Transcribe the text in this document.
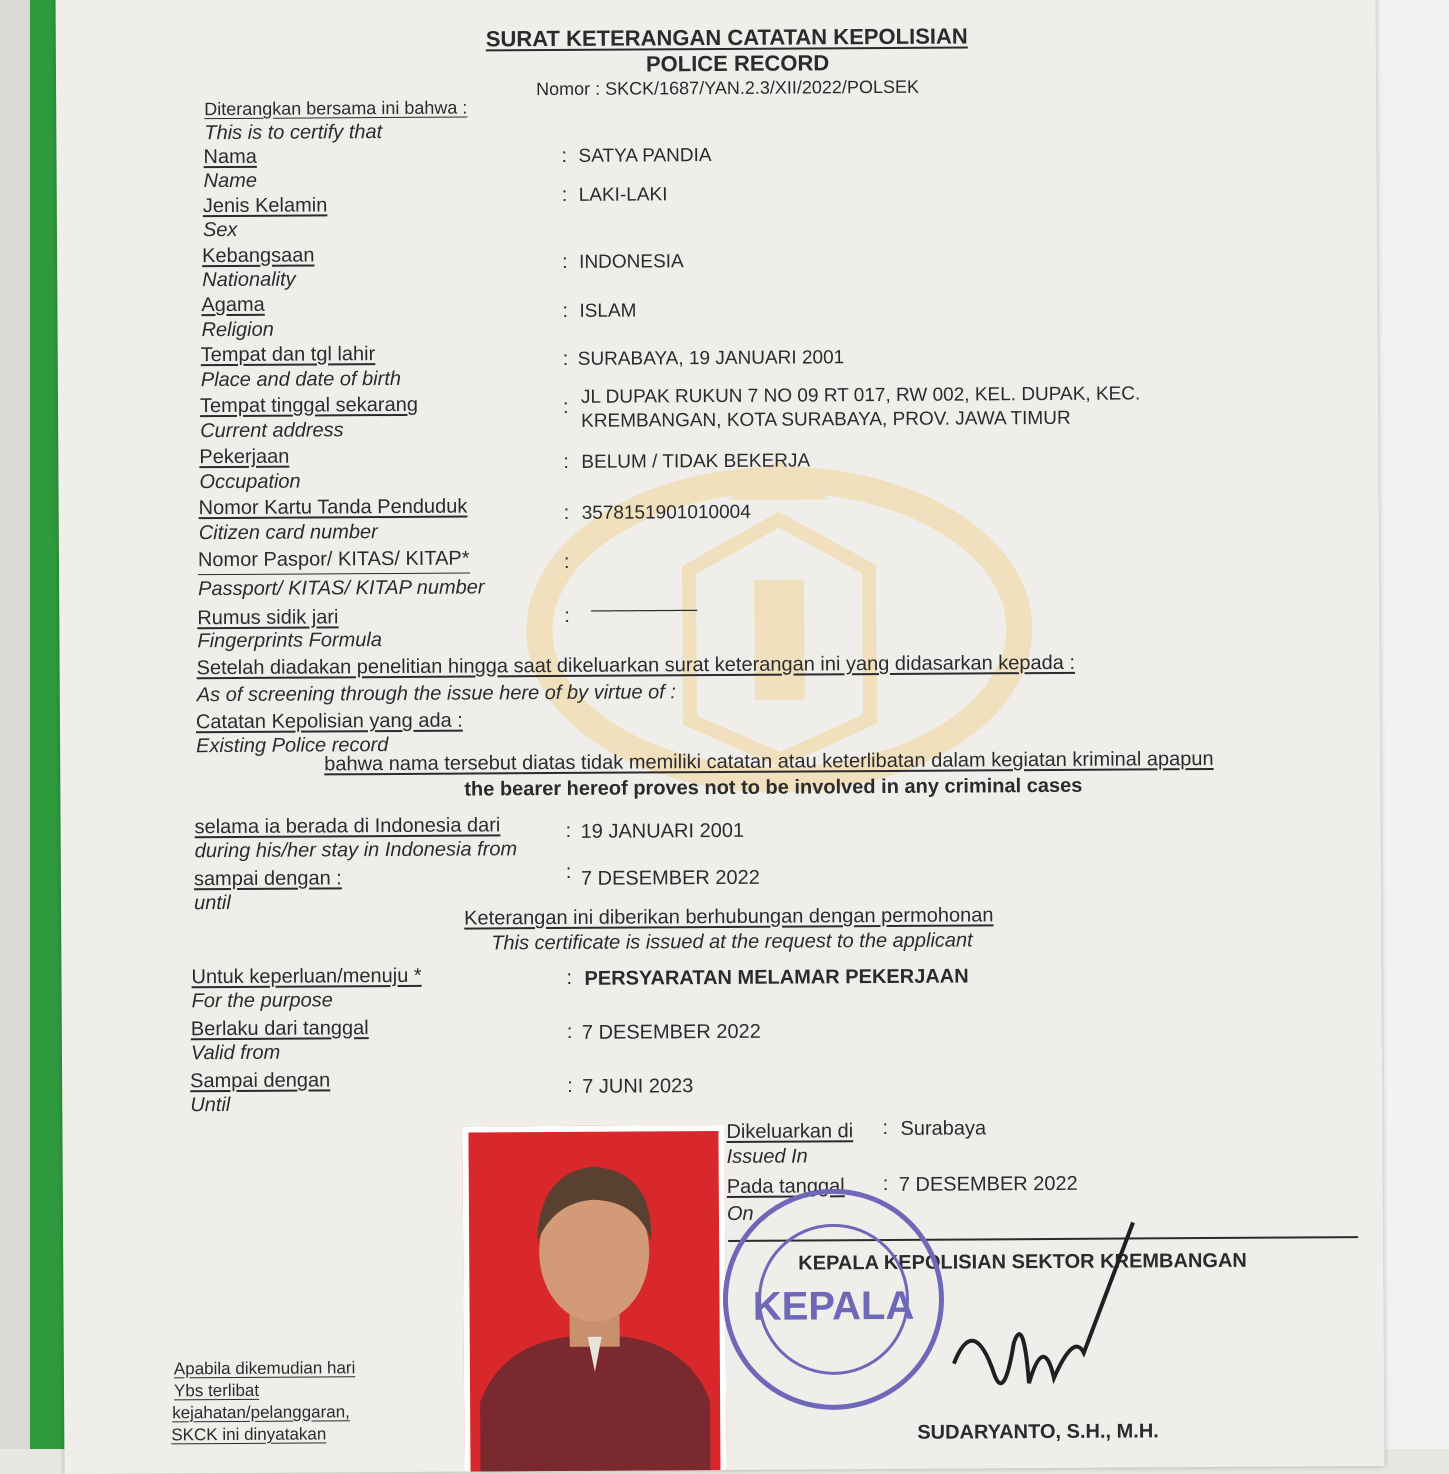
SURAT KETERANGAN CATATAN KEPOLISIAN
POLICE RECORD
Nomor : SKCK/1687/YAN.2.3/XII/2022/POLSEK
Diterangkan bersama ini bahwa :
This is to certify that
Nama
Name
: SATYA PANDIA
Jenis Kelamin
Sex
: LAKI-LAKI
Kebangsaan
Nationality
: INDONESIA
Agama
Religion
: ISLAM
Tempat dan tgl lahir
Place and date of birth
: SURABAYA, 19 JANUARI 2001
Tempat tinggal sekarang
Current address
: JL DUPAK RUKUN 7 NO 09 RT 017, RW 002, KEL. DUPAK, KEC.
KREMBANGAN, KOTA SURABAYA, PROV. JAWA TIMUR
Pekerjaan
Occupation
: BELUM / TIDAK BEKERJA
Nomor Kartu Tanda Penduduk
Citizen card number
: 3578151901010004
Nomor Paspor/ KITAS/ KITAP*
Passport/ KITAS/ KITAP number
:
Rumus sidik jari
Fingerprints Formula
:
__________
Setelah diadakan penelitian hingga saat dikeluarkan surat keterangan ini yang didasarkan kepada :
As of screening through the issue here of by virtue of :
Catatan Kepolisian yang ada :
Existing Police record
bahwa nama tersebut diatas tidak memiliki catatan atau keterlibatan dalam kegiatan kriminal apapun
the bearer hereof proves not to be involved in any criminal cases
selama ia berada di Indonesia dari
during his/her stay in Indonesia from
: 19 JANUARI 2001
sampai dengan :
until
: 7 DESEMBER 2022
Keterangan ini diberikan berhubungan dengan permohonan
This certificate is issued at the request to the applicant
Untuk keperluan/menuju *
For the purpose
: PERSYARATAN MELAMAR PEKERJAAN
Berlaku dari tanggal
Valid from
: 7 DESEMBER 2022
Sampai dengan
Until
: 7 JUNI 2023
Dikeluarkan di
Issued In
: Surabaya
Pada tanggal
On
: 7 DESEMBER 2022
KEPALA KEPOLISIAN SEKTOR KREMBANGAN
KEPALA
SUDARYANTO, S.H., M.H.
Apabila dikemudian hari
Ybs terlibat
kejahatan/pelanggaran,
SKCK ini dinyatakan
